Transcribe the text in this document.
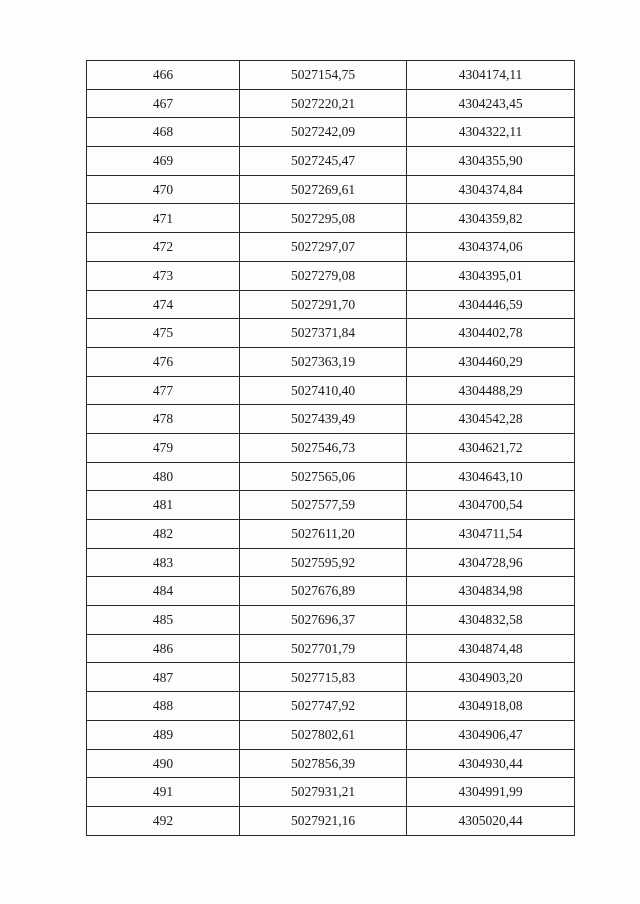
466	5027154,75	4304174,11
467	5027220,21	4304243,45
468	5027242,09	4304322,11
469	5027245,47	4304355,90
470	5027269,61	4304374,84
471	5027295,08	4304359,82
472	5027297,07	4304374,06
473	5027279,08	4304395,01
474	5027291,70	4304446,59
475	5027371,84	4304402,78
476	5027363,19	4304460,29
477	5027410,40	4304488,29
478	5027439,49	4304542,28
479	5027546,73	4304621,72
480	5027565,06	4304643,10
481	5027577,59	4304700,54
482	5027611,20	4304711,54
483	5027595,92	4304728,96
484	5027676,89	4304834,98
485	5027696,37	4304832,58
486	5027701,79	4304874,48
487	5027715,83	4304903,20
488	5027747,92	4304918,08
489	5027802,61	4304906,47
490	5027856,39	4304930,44
491	5027931,21	4304991,99
492	5027921,16	4305020,44
